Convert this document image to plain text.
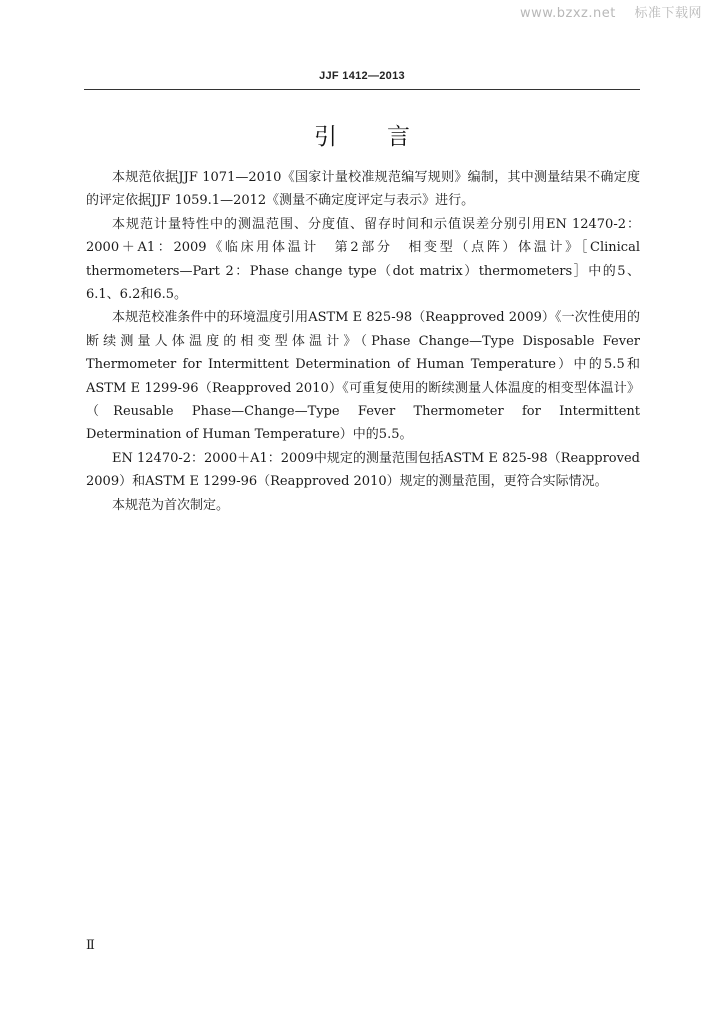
www.bzxz.net 标准下载网
JJF 1412—2013
引言

本规范依据JJF 1071—2010《国家计量校准规范编写规则》编制，其中测量结果不确定度的评定依据JJF 1059.1—2012《测量不确定度评定与表示》进行。

本规范计量特性中的测温范围、分度值、留存时间和示值误差分别引用EN 12470-2：2000＋A1：2009《临床用体温计　第2部分　相变型（点阵）体温计》［Clinical thermometers—Part 2：Phase change type（dot matrix）thermometers］中的5、6.1、6.2和6.5。

本规范校准条件中的环境温度引用ASTM E 825-98（Reapproved 2009）《一次性使用的断续测量人体温度的相变型体温计》（Phase Change—Type Disposable Fever Thermometer for Intermittent Determination of Human Temperature）中的5.5和ASTM E 1299-96（Reapproved 2010）《可重复使用的断续测量人体温度的相变型体温计》（Reusable Phase—Change—Type Fever Thermometer for Intermittent Determination of Human Temperature）中的5.5。

EN 12470-2：2000＋A1：2009中规定的测量范围包括ASTM E 825-98（Reapproved 2009）和ASTM E 1299-96（Reapproved 2010）规定的测量范围，更符合实际情况。

本规范为首次制定。

Ⅱ
